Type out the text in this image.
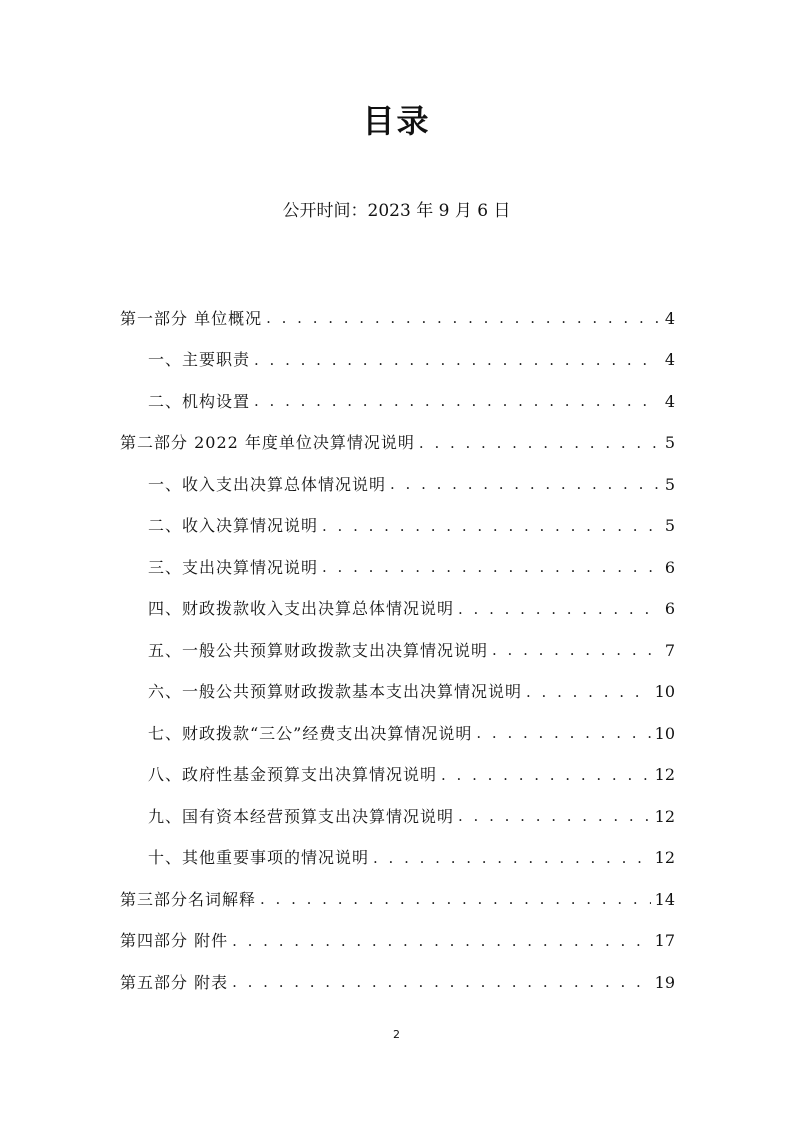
目录
公开时间：2023 年 9 月 6 日
第一部分 单位概况 . . .	4
一、主要职责 . . .	4
二、机构设置 . . .	4
第二部分 2022 年度单位决算情况说明 . . .	5
一、收入支出决算总体情况说明 . . .	5
二、收入决算情况说明 . . .	5
三、支出决算情况说明 . . .	6
四、财政拨款收入支出决算总体情况说明 . . .	6
五、一般公共预算财政拨款支出决算情况说明 . . .	7
六、一般公共预算财政拨款基本支出决算情况说明 . . .	10
七、财政拨款“三公”经费支出决算情况说明 . . .	10
八、政府性基金预算支出决算情况说明 . . .	12
九、国有资本经营预算支出决算情况说明 . . .	12
十、其他重要事项的情况说明 . . .	12
第三部分名词解释 . . .	14
第四部分 附件 . . .	17
第五部分 附表 . . .	19
2
